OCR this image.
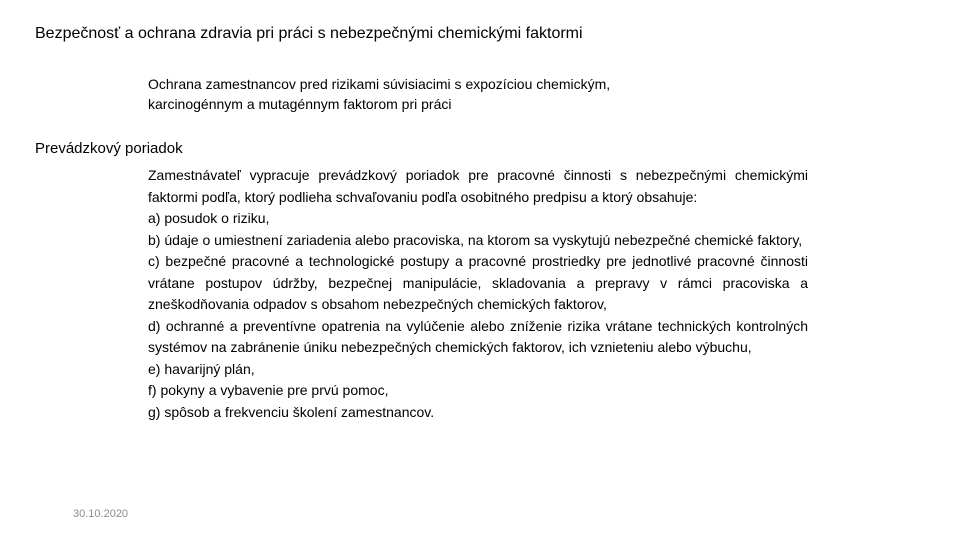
Bezpečnosť a ochrana zdravia pri práci s nebezpečnými chemickými faktormi
Ochrana zamestnancov pred rizikami súvisiacimi s expozíciou chemickým,
karcinogénnym a mutagénnym faktorom pri práci
Prevádzkový poriadok
Zamestnávateľ vypracuje prevádzkový poriadok pre pracovné činnosti s nebezpečnými chemickými faktormi podľa, ktorý podlieha schvaľovaniu podľa osobitného predpisu a ktorý obsahuje:
a) posudok o riziku,
b) údaje o umiestnení zariadenia alebo pracoviska, na ktorom sa vyskytujú nebezpečné chemické faktory,
c) bezpečné pracovné a technologické postupy a pracovné prostriedky pre jednotlivé pracovné činnosti vrátane postupov údržby, bezpečnej manipulácie, skladovania a prepravy v rámci pracoviska a zneškodňovania odpadov s obsahom nebezpečných chemických faktorov,
d) ochranné a preventívne opatrenia na vylúčenie alebo zníženie rizika vrátane technických kontrolných systémov na zabránenie úniku nebezpečných chemických faktorov, ich vznieteniu alebo výbuchu,
e) havarijný plán,
f) pokyny a vybavenie pre prvú pomoc,
g) spôsob a frekvenciu školení zamestnancov.
30.10.2020
